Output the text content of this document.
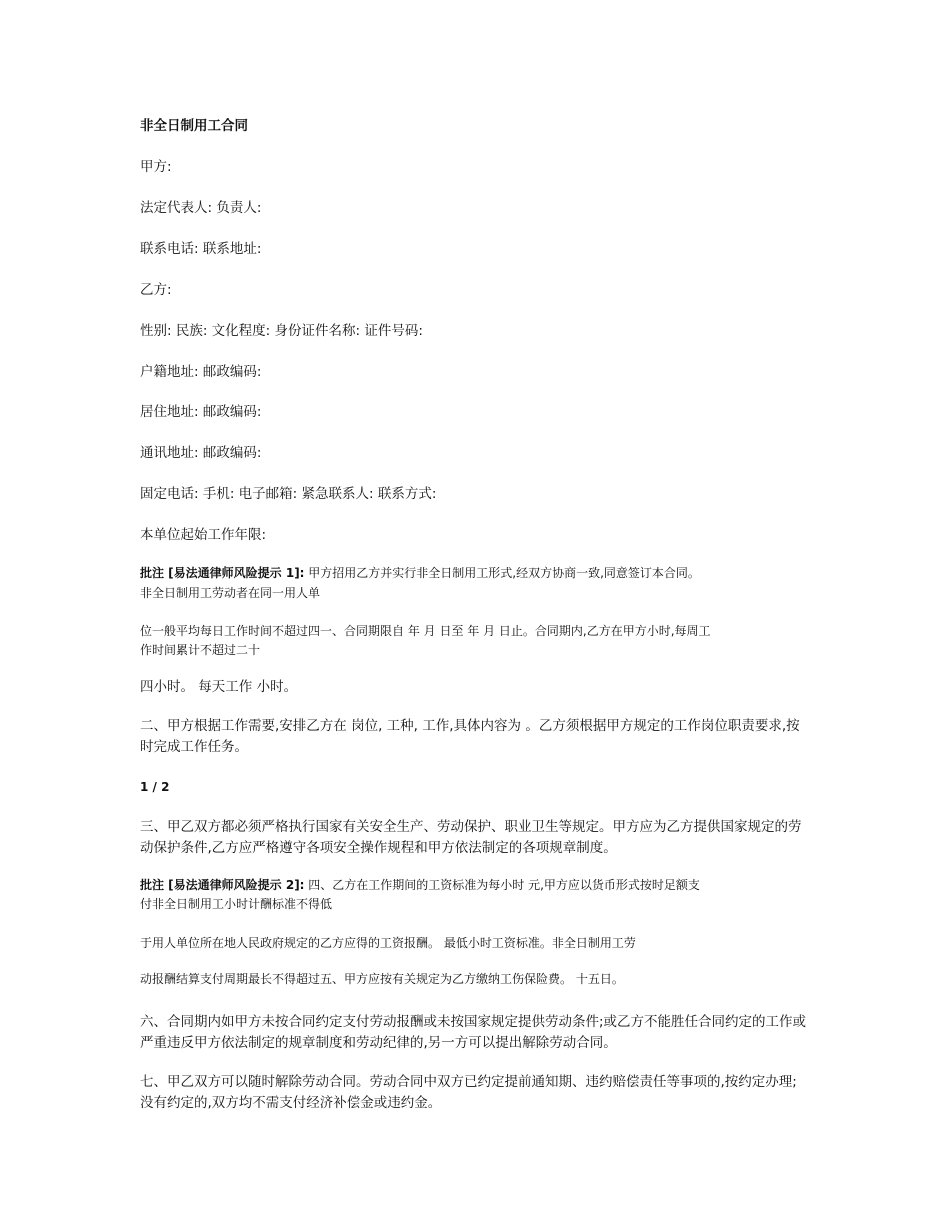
非全日制用工合同
甲方:
法定代表人: 负责人:
联系电话: 联系地址:
乙方:
性别: 民族: 文化程度: 身份证件名称: 证件号码:
户籍地址: 邮政编码:
居住地址: 邮政编码:
通讯地址: 邮政编码:
固定电话: 手机: 电子邮箱: 紧急联系人: 联系方式:
本单位起始工作年限:
批注 [易法通律师风险提示 1]: 甲方招用乙方并实行非全日制用工形式,经双方协商一致,同意签订本合同。
非全日制用工劳动者在同一用人单
位一般平均每日工作时间不超过四一、合同期限自 年 月 日至 年 月 日止。合同期内,乙方在甲方小时,每周工
作时间累计不超过二十
四小时。 每天工作 小时。
二、甲方根据工作需要,安排乙方在 岗位, 工种, 工作,具体内容为 。乙方须根据甲方规定的工作岗位职责要求,按时完成工作任务。
1 / 2
三、甲乙双方都必须严格执行国家有关安全生产、劳动保护、职业卫生等规定。甲方应为乙方提供国家规定的劳动保护条件,乙方应严格遵守各项安全操作规程和甲方依法制定的各项规章制度。
批注 [易法通律师风险提示 2]: 四、乙方在工作期间的工资标准为每小时 元,甲方应以货币形式按时足额支
付非全日制用工小时计酬标准不得低
于用人单位所在地人民政府规定的乙方应得的工资报酬。 最低小时工资标准。非全日制用工劳
动报酬结算支付周期最长不得超过五、甲方应按有关规定为乙方缴纳工伤保险费。 十五日。
六、合同期内如甲方未按合同约定支付劳动报酬或未按国家规定提供劳动条件;或乙方不能胜任合同约定的工作或严重违反甲方依法制定的规章制度和劳动纪律的,另一方可以提出解除劳动合同。
七、甲乙双方可以随时解除劳动合同。劳动合同中双方已约定提前通知期、违约赔偿责任等事项的,按约定办理;没有约定的,双方均不需支付经济补偿金或违约金。
